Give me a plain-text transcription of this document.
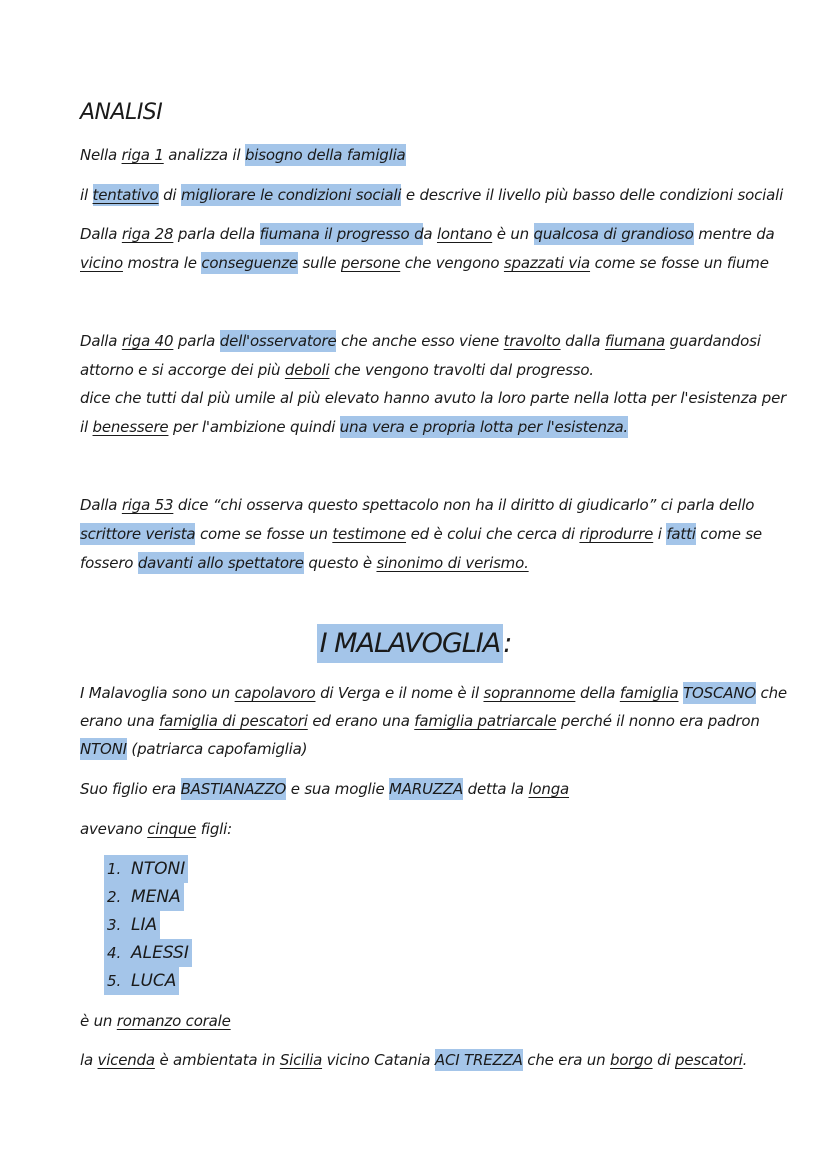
ANALISI
Nella riga 1 analizza il bisogno della famiglia
il tentativo di migliorare le condizioni sociali e descrive il livello più basso delle condizioni sociali
Dalla riga 28 parla della fiumana il progresso da lontano è un qualcosa di grandioso mentre da
vicino mostra le conseguenze sulle persone che vengono spazzati via come se fosse un fiume
Dalla riga 40 parla dell'osservatore che anche esso viene travolto dalla fiumana guardandosi
attorno e si accorge dei più deboli che vengono travolti dal progresso.
dice che tutti dal più umile al più elevato hanno avuto la loro parte nella lotta per l'esistenza per
il benessere per l'ambizione quindi una vera e propria lotta per l'esistenza.
Dalla riga 53 dice “chi osserva questo spettacolo non ha il diritto di giudicarlo” ci parla dello
scrittore verista come se fosse un testimone ed è colui che cerca di riprodurre i fatti come se
fossero davanti allo spettatore questo è sinonimo di verismo.
I MALAVOGLIA :
I Malavoglia sono un capolavoro di Verga e il nome è il soprannome della famiglia TOSCANO che
erano una famiglia di pescatori ed erano una famiglia patriarcale perché il nonno era padron
NTONI (patriarca capofamiglia)
Suo figlio era BASTIANAZZO e sua moglie MARUZZA detta la longa
avevano cinque figli:
1. NTONI
2. MENA
3. LIA
4. ALESSI
5. LUCA
è un romanzo corale
la vicenda è ambientata in Sicilia vicino Catania ACI TREZZA che era un borgo di pescatori.
